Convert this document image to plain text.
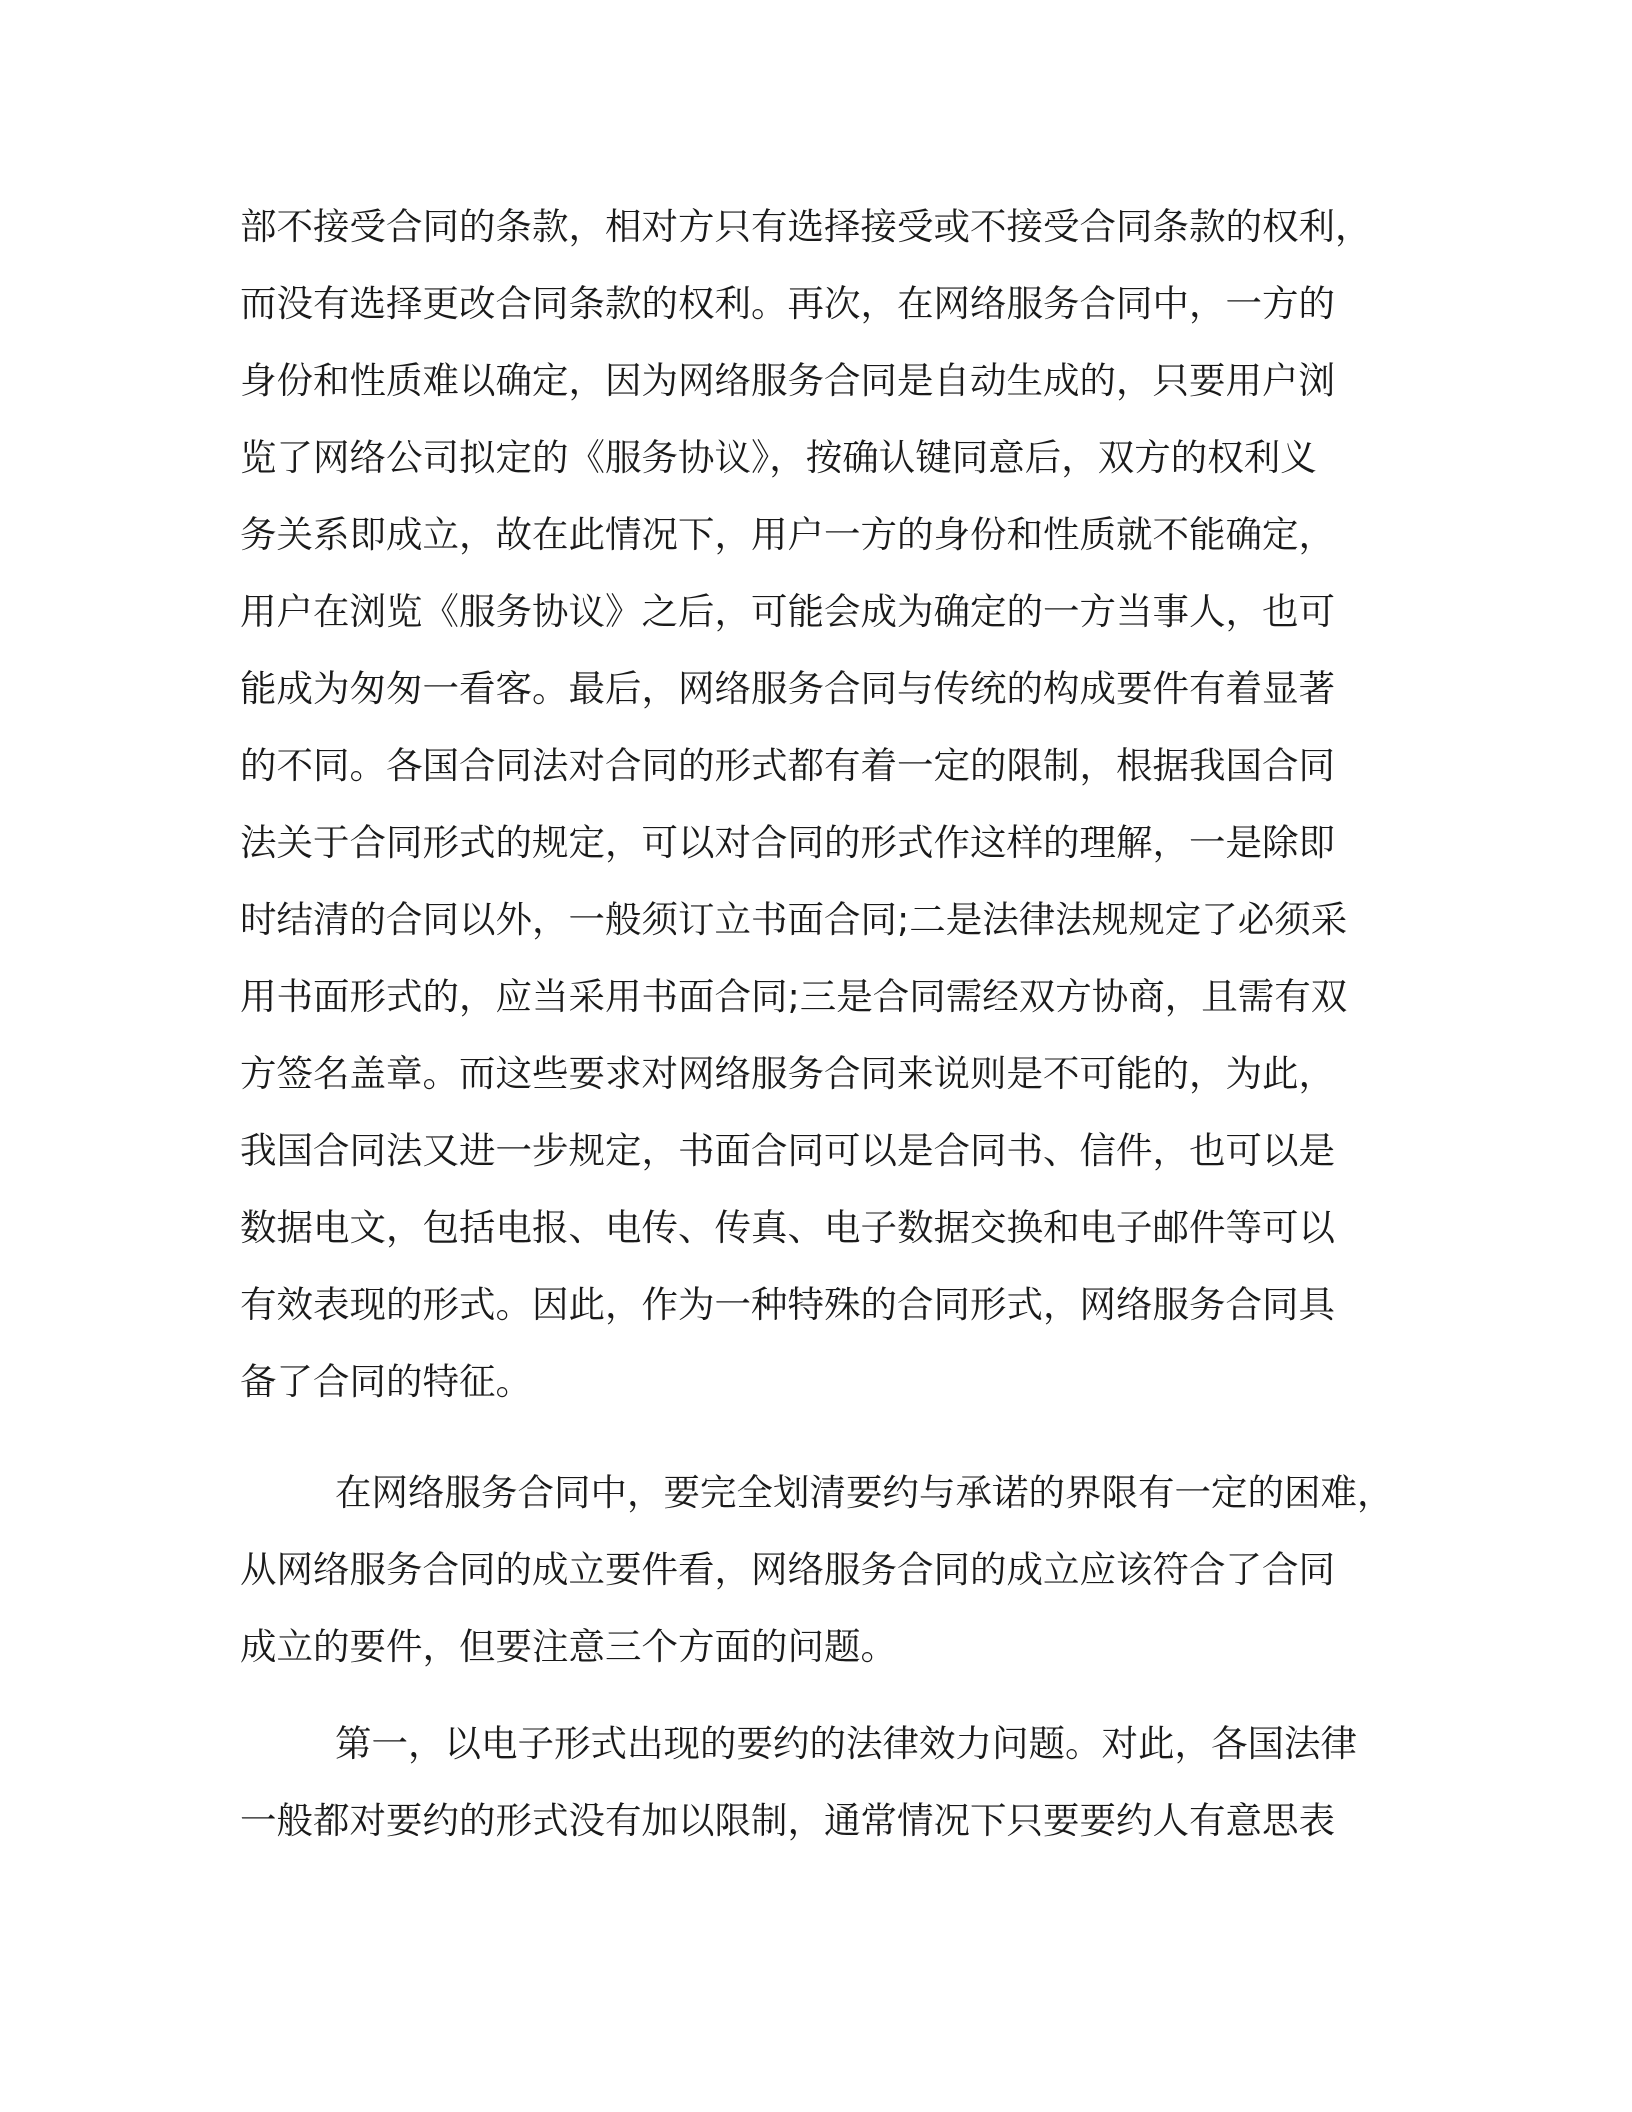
部不接受合同的条款，相对方只有选择接受或不接受合同条款的权利，
而没有选择更改合同条款的权利。再次，在网络服务合同中，一方的
身份和性质难以确定，因为网络服务合同是自动生成的，只要用户浏
览了网络公司拟定的《服务协议》，按确认键同意后，双方的权利义
务关系即成立，故在此情况下，用户一方的身份和性质就不能确定，
用户在浏览《服务协议》之后，可能会成为确定的一方当事人，也可
能成为匆匆一看客。最后，网络服务合同与传统的构成要件有着显著
的不同。各国合同法对合同的形式都有着一定的限制，根据我国合同
法关于合同形式的规定，可以对合同的形式作这样的理解，一是除即
时结清的合同以外，一般须订立书面合同;二是法律法规规定了必须采
用书面形式的，应当采用书面合同;三是合同需经双方协商，且需有双
方签名盖章。而这些要求对网络服务合同来说则是不可能的，为此，
我国合同法又进一步规定，书面合同可以是合同书、信件，也可以是
数据电文，包括电报、电传、传真、电子数据交换和电子邮件等可以
有效表现的形式。因此，作为一种特殊的合同形式，网络服务合同具
备了合同的特征。
在网络服务合同中，要完全划清要约与承诺的界限有一定的困难，
从网络服务合同的成立要件看，网络服务合同的成立应该符合了合同
成立的要件，但要注意三个方面的问题。
第一，以电子形式出现的要约的法律效力问题。对此，各国法律
一般都对要约的形式没有加以限制，通常情况下只要要约人有意思表
